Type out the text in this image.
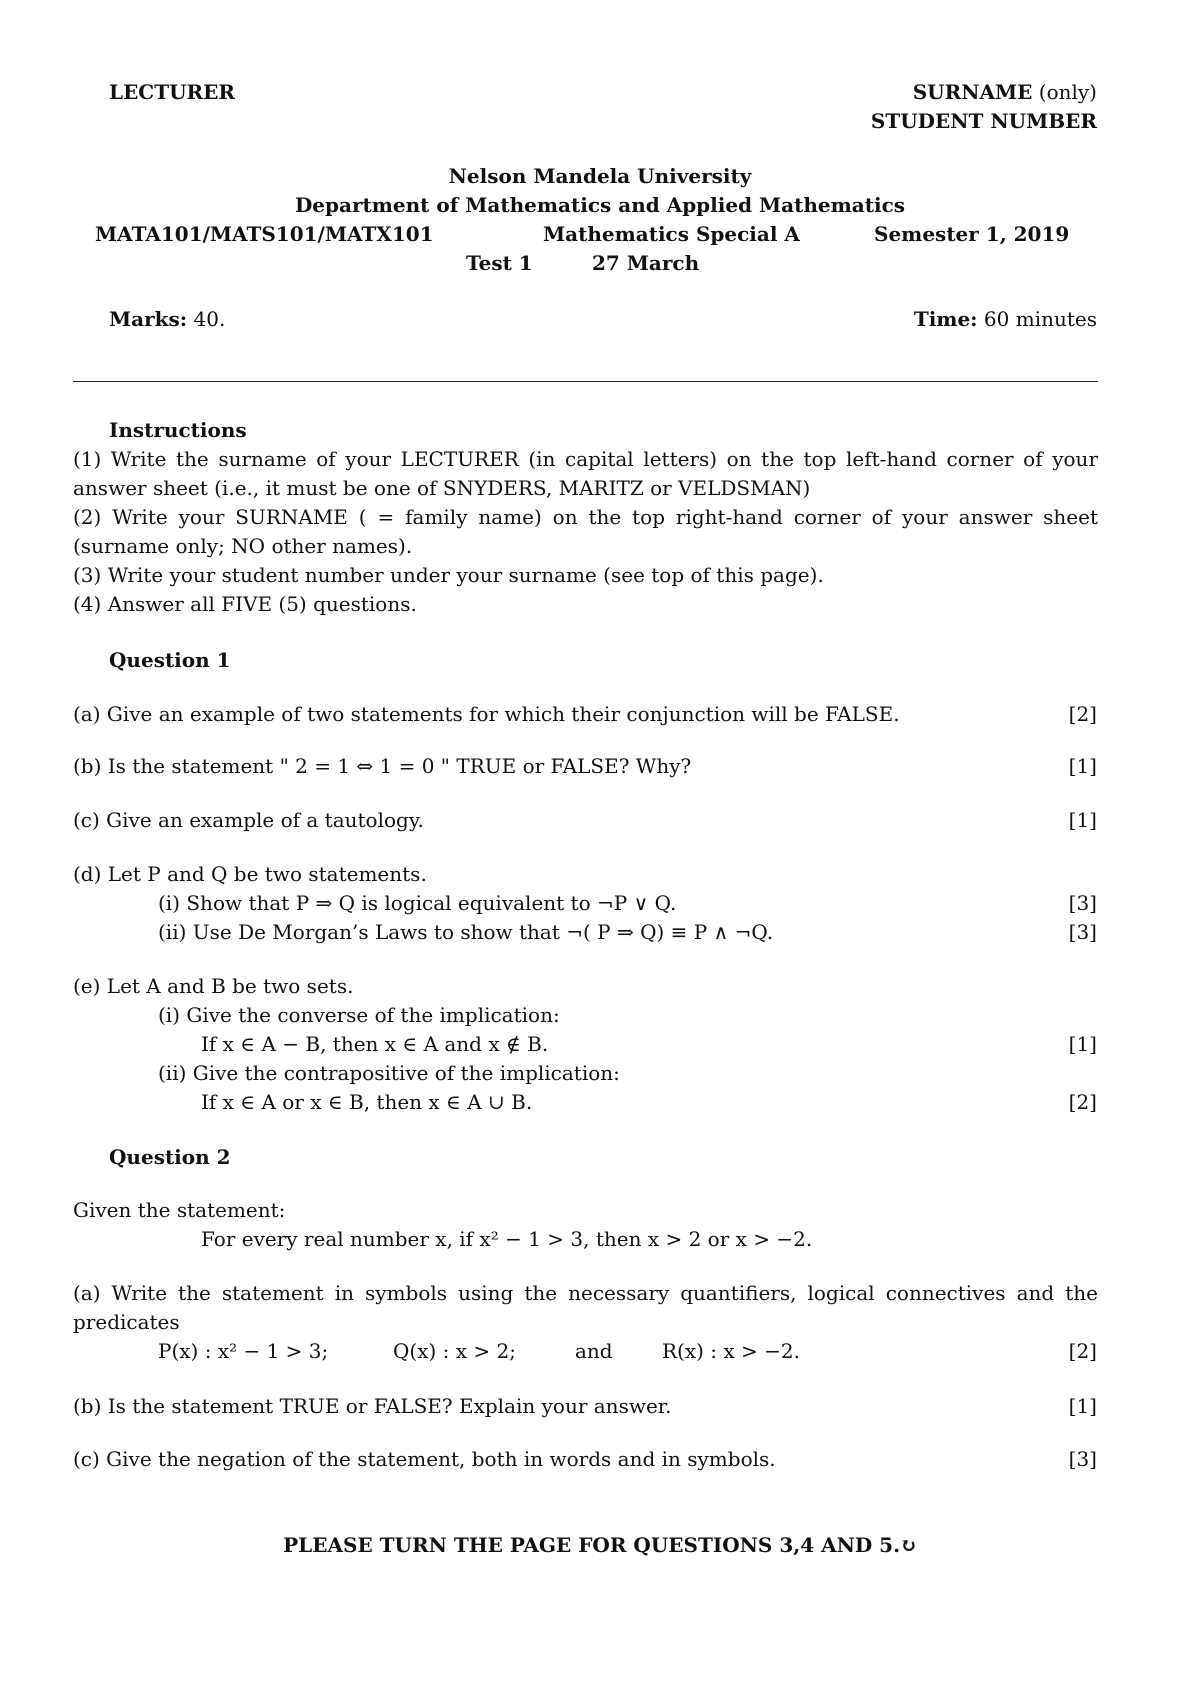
LECTURER	SURNAME (only)
STUDENT NUMBER
Nelson Mandela University
Department of Mathematics and Applied Mathematics
MATA101/MATS101/MATX101	Mathematics Special A	Semester 1, 2019
Test 1	27 March
Marks: 40.	Time: 60 minutes
Instructions
(1) Write the surname of your LECTURER (in capital letters) on the top left-hand corner of your answer sheet (i.e., it must be one of SNYDERS, MARITZ or VELDSMAN)
(2) Write your SURNAME ( = family name) on the top right-hand corner of your answer sheet (surname only; NO other names).
(3) Write your student number under your surname (see top of this page).
(4) Answer all FIVE (5) questions.
Question 1
(a) Give an example of two statements for which their conjunction will be FALSE.	[2]
(b) Is the statement " 2 = 1 ⇔ 1 = 0 " TRUE or FALSE? Why?	[1]
(c) Give an example of a tautology.	[1]
(d) Let P and Q be two statements.
(i) Show that P ⇒ Q is logical equivalent to ¬P ∨ Q.	[3]
(ii) Use De Morgan’s Laws to show that ¬( P ⇒ Q) ≡ P ∧ ¬Q.	[3]
(e) Let A and B be two sets.
(i) Give the converse of the implication:
If x ∈ A − B, then x ∈ A and x ∉ B.	[1]
(ii) Give the contrapositive of the implication:
If x ∈ A or x ∈ B, then x ∈ A ∪ B.	[2]
Question 2
Given the statement:
For every real number x, if x² − 1 > 3, then x > 2 or x > −2.
(a) Write the statement in symbols using the necessary quantifiers, logical connectives and the predicates
P(x) : x² − 1 > 3;	Q(x) : x > 2;	and R(x) : x > −2.	[2]
(b) Is the statement TRUE or FALSE? Explain your answer.	[1]
(c) Give the negation of the statement, both in words and in symbols.	[3]
PLEASE TURN THE PAGE FOR QUESTIONS 3,4 AND 5.↻
